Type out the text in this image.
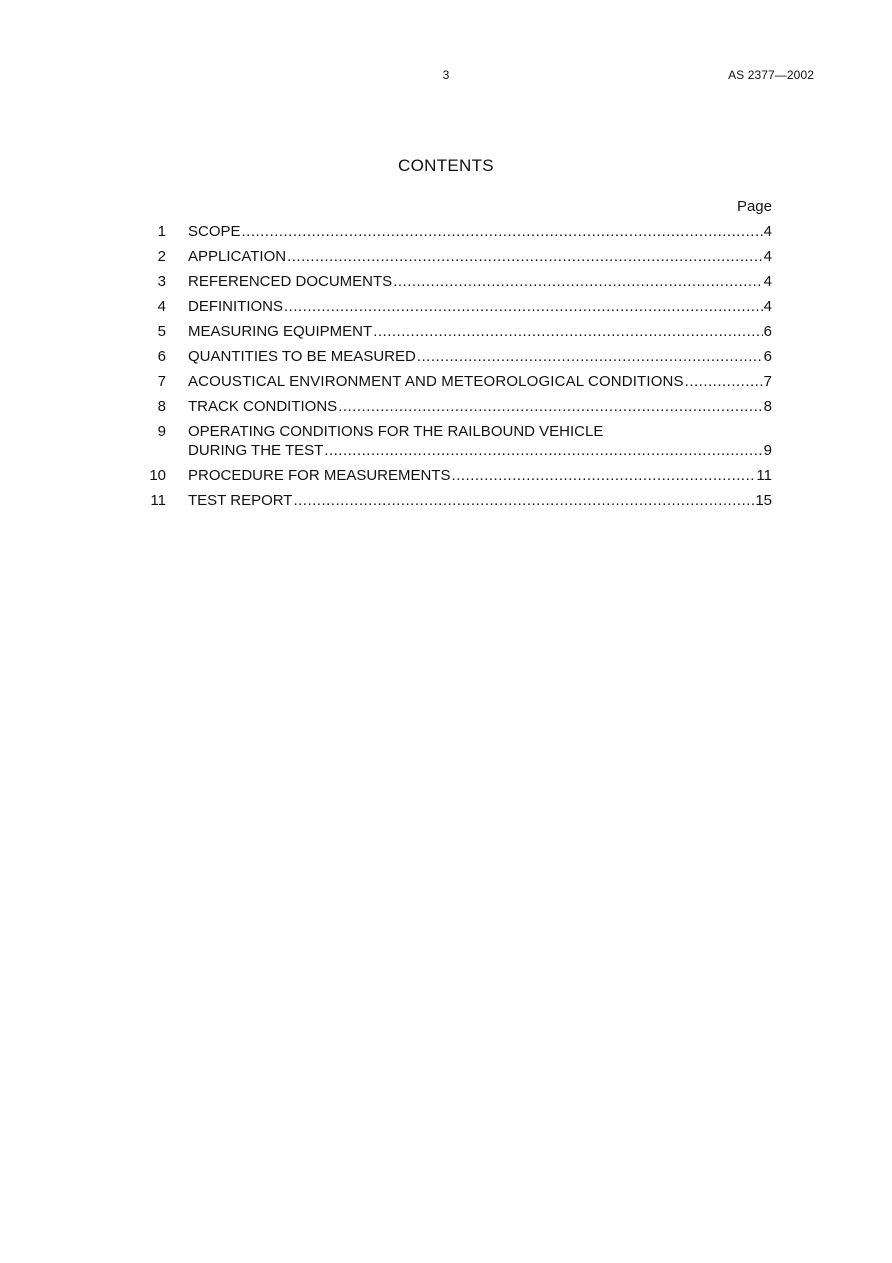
3	AS 2377—2002
CONTENTS
Page
1 SCOPE .....	4
2 APPLICATION .....	4
3 REFERENCED DOCUMENTS .....	4
4 DEFINITIONS .....	4
5 MEASURING EQUIPMENT .....	6
6 QUANTITIES TO BE MEASURED .....	6
7 ACOUSTICAL ENVIRONMENT AND METEOROLOGICAL CONDITIONS .....	7
8 TRACK CONDITIONS .....	8
9 OPERATING CONDITIONS FOR THE RAILBOUND VEHICLE
DURING THE TEST .....	9
10 PROCEDURE FOR MEASUREMENTS .....	11
11 TEST REPORT .....	15
